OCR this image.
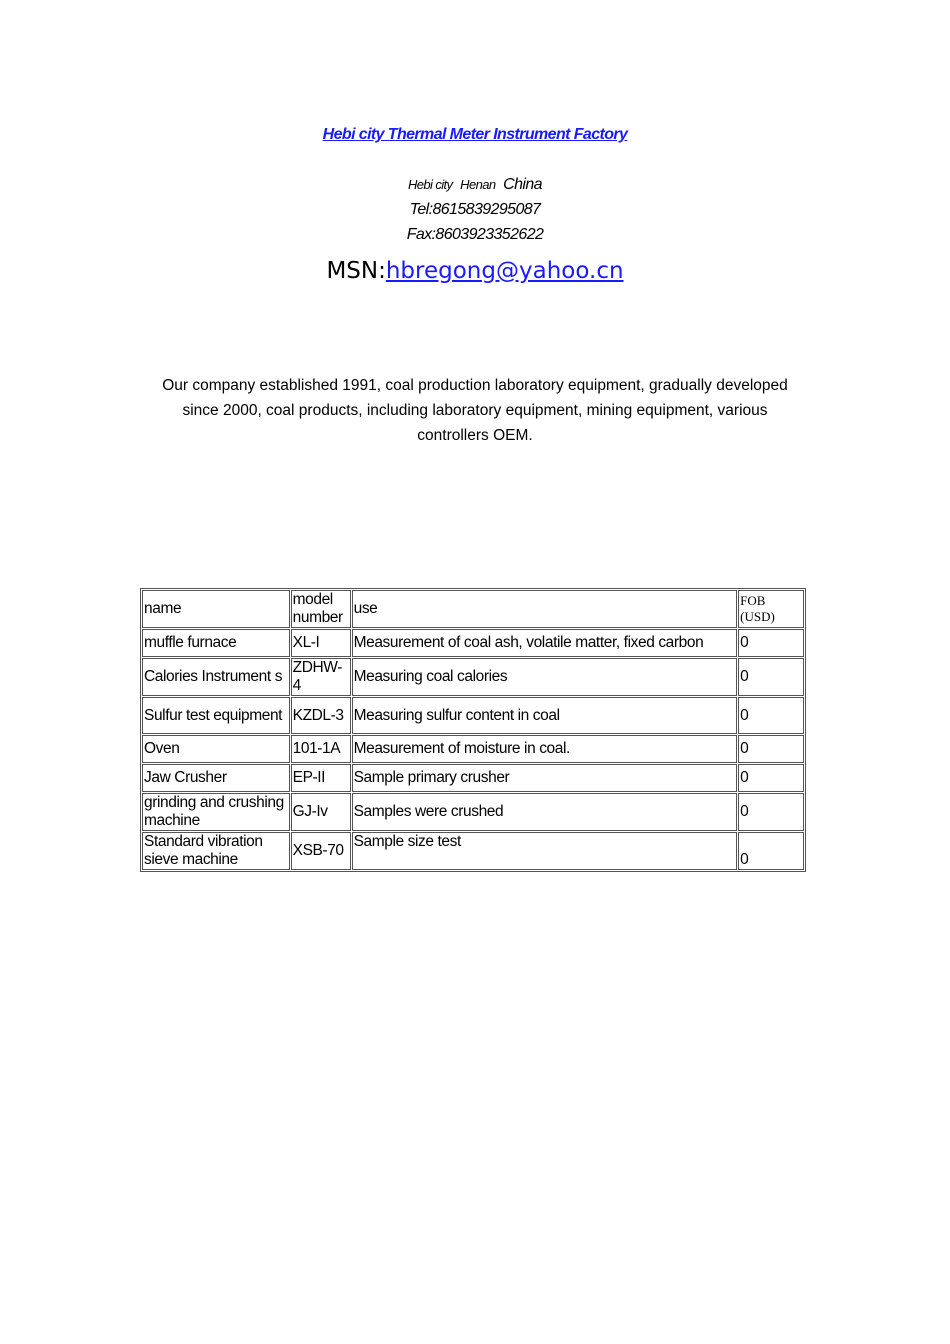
Hebi city Thermal Meter Instrument Factory
Hebi city Henan China
Tel:8615839295087
Fax:8603923352622
MSN:hbregong@yahoo.cn
Our company established 1991, coal production laboratory equipment, gradually developed since 2000, coal products, including laboratory equipment, mining equipment, various controllers OEM.
name	model number	use	FOB (USD)
muffle furnace	XL-I	Measurement of coal ash, volatile matter, fixed carbon	0
Calories Instrument s	ZDHW-4	Measuring coal calories	0
Sulfur test equipment	KZDL-3	Measuring sulfur content in coal	0
Oven	101-1A	Measurement of moisture in coal.	0
Jaw Crusher	EP-II	Sample primary crusher	0
grinding and crushing machine	GJ-Iv	Samples were crushed	0
Standard vibration sieve machine	XSB-70	Sample size test	0
